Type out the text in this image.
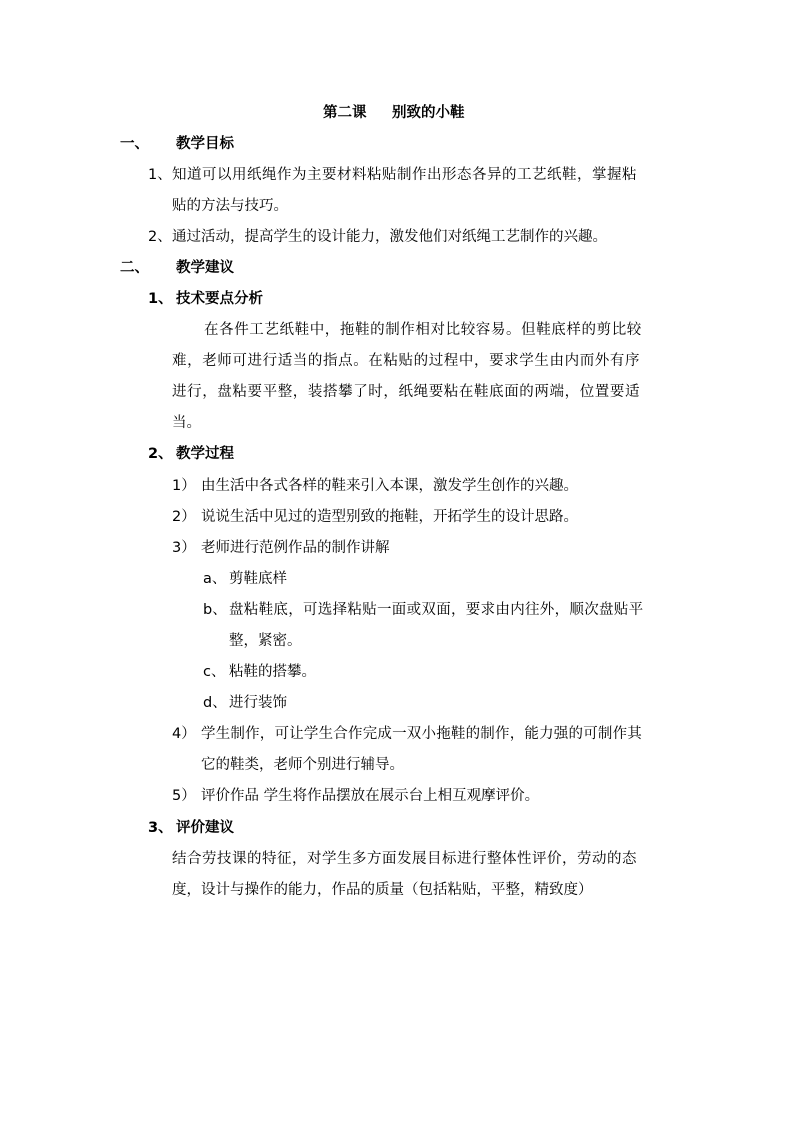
第二课 别致的小鞋
一、 教学目标
1、 知道可以用纸绳作为主要材料粘贴制作出形态各异的工艺纸鞋，掌握粘
贴的方法与技巧。
2、 通过活动，提高学生的设计能力，激发他们对纸绳工艺制作的兴趣。
二、 教学建议
1、 技术要点分析
在各件工艺纸鞋中，拖鞋的制作相对比较容易。但鞋底样的剪比较
难，老师可进行适当的指点。在粘贴的过程中，要求学生由内而外有序
进行，盘粘要平整，装搭攀了时，纸绳要粘在鞋底面的两端，位置要适
当。
2、 教学过程
1） 由生活中各式各样的鞋来引入本课，激发学生创作的兴趣。
2） 说说生活中见过的造型别致的拖鞋，开拓学生的设计思路。
3） 老师进行范例作品的制作讲解
a、 剪鞋底样
b、 盘粘鞋底，可选择粘贴一面或双面，要求由内往外，顺次盘贴平
整，紧密。
c、 粘鞋的搭攀。
d、 进行装饰
4） 学生制作，可让学生合作完成一双小拖鞋的制作，能力强的可制作其
它的鞋类，老师个别进行辅导。
5） 评价作品 学生将作品摆放在展示台上相互观摩评价。
3、 评价建议
结合劳技课的特征，对学生多方面发展目标进行整体性评价，劳动的态
度，设计与操作的能力，作品的质量（包括粘贴，平整，精致度）
